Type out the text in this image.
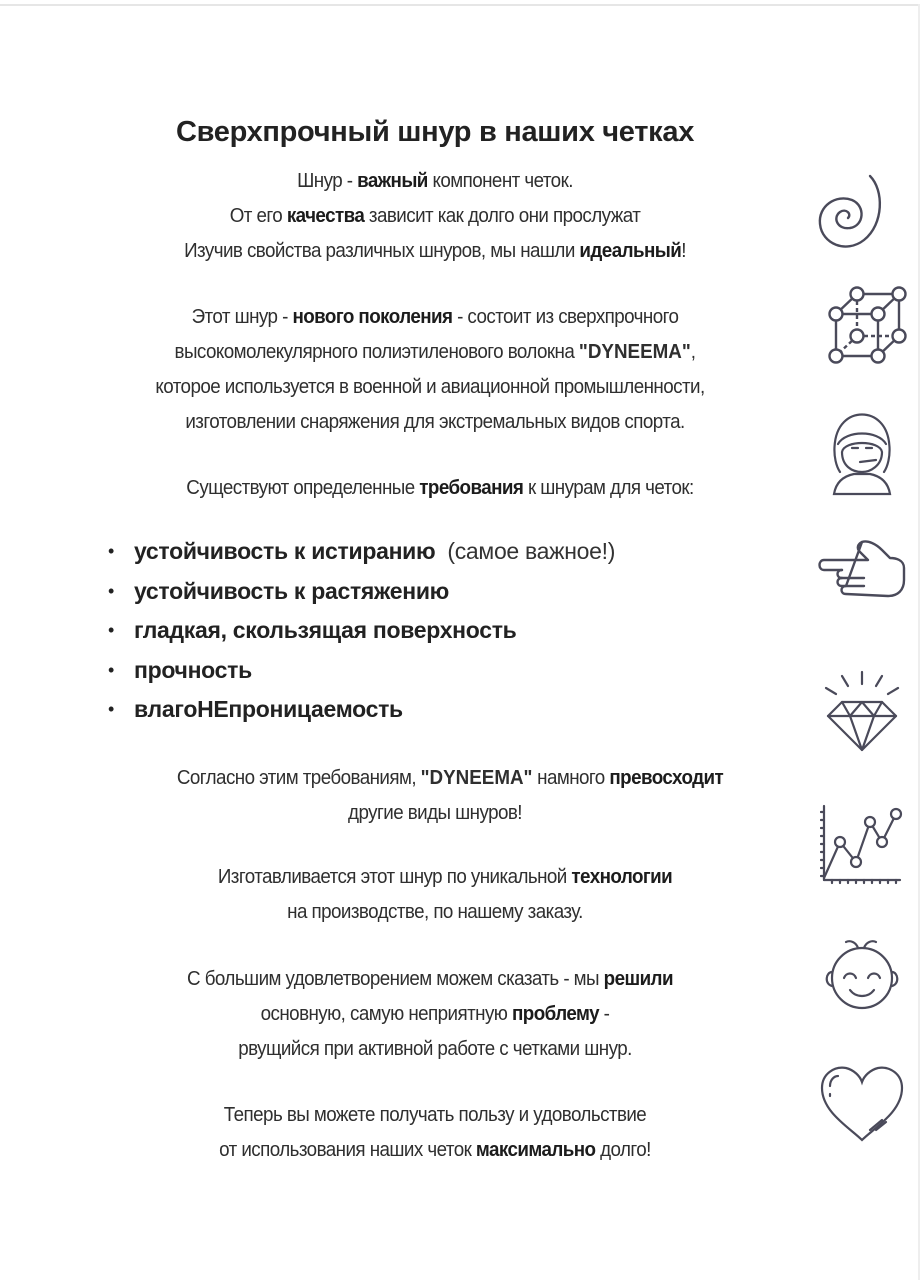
Сверхпрочный шнур в наших четках
Шнур - важный компонент четок.
От его качества зависит как долго они прослужат
Изучив свойства различных шнуров, мы нашли идеальный!
Этот шнур - нового поколения - состоит из сверхпрочного
высокомолекулярного полиэтиленового волокна "DYNEEMA",
которое используется в военной и авиационной промышленности,
изготовлении снаряжения для экстремальных видов спорта.
Существуют определенные требования к шнурам для четок:
• устойчивость к истиранию (самое важное!)
• устойчивость к растяжению
• гладкая, скользящая поверхность
• прочность
• влагоНЕпроницаемость
Согласно этим требованиям, "DYNEEMA" намного превосходит
другие виды шнуров!
Изготавливается этот шнур по уникальной технологии
на производстве, по нашему заказу.
С большим удовлетворением можем сказать - мы решили
основную, самую неприятную проблему -
рвущийся при активной работе с четками шнур.
Теперь вы можете получать пользу и удовольствие
от использования наших четок максимально долго!
